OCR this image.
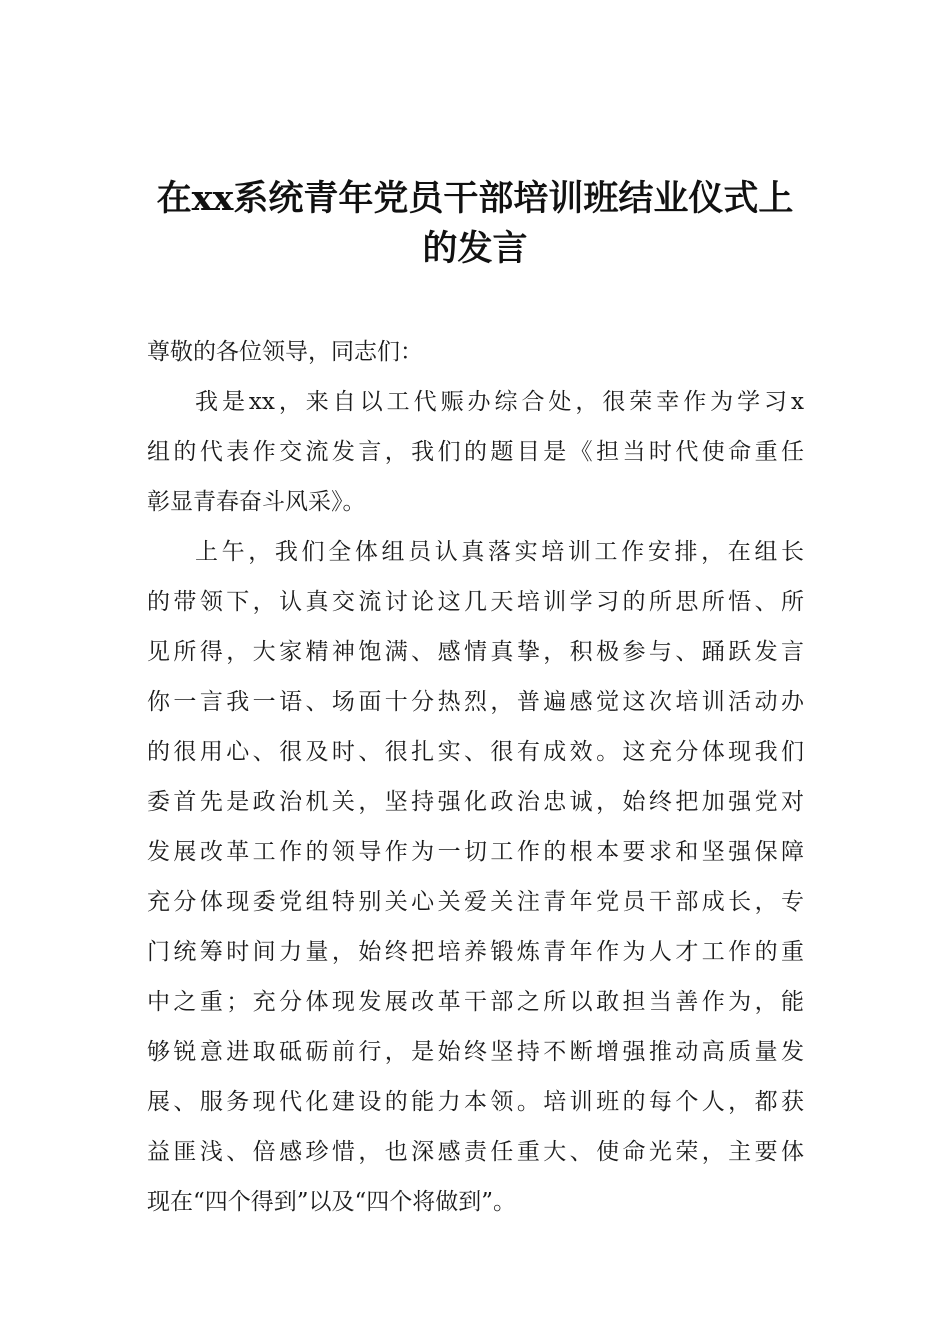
在xx系统青年党员干部培训班结业仪式上
的发言
尊敬的各位领导，同志们：
我是xx，来自以工代赈办综合处，很荣幸作为学习x
组的代表作交流发言，我们的题目是《担当时代使命重任
彰显青春奋斗风采》。
上午，我们全体组员认真落实培训工作安排，在组长
的带领下，认真交流讨论这几天培训学习的所思所悟、所
见所得，大家精神饱满、感情真挚，积极参与、踊跃发言
你一言我一语、场面十分热烈，普遍感觉这次培训活动办
的很用心、很及时、很扎实、很有成效。这充分体现我们
委首先是政治机关，坚持强化政治忠诚，始终把加强党对
发展改革工作的领导作为一切工作的根本要求和坚强保障
充分体现委党组特别关心关爱关注青年党员干部成长，专
门统筹时间力量，始终把培养锻炼青年作为人才工作的重
中之重；充分体现发展改革干部之所以敢担当善作为，能
够锐意进取砥砺前行，是始终坚持不断增强推动高质量发
展、服务现代化建设的能力本领。培训班的每个人，都获
益匪浅、倍感珍惜，也深感责任重大、使命光荣，主要体
现在“四个得到”以及“四个将做到”。
